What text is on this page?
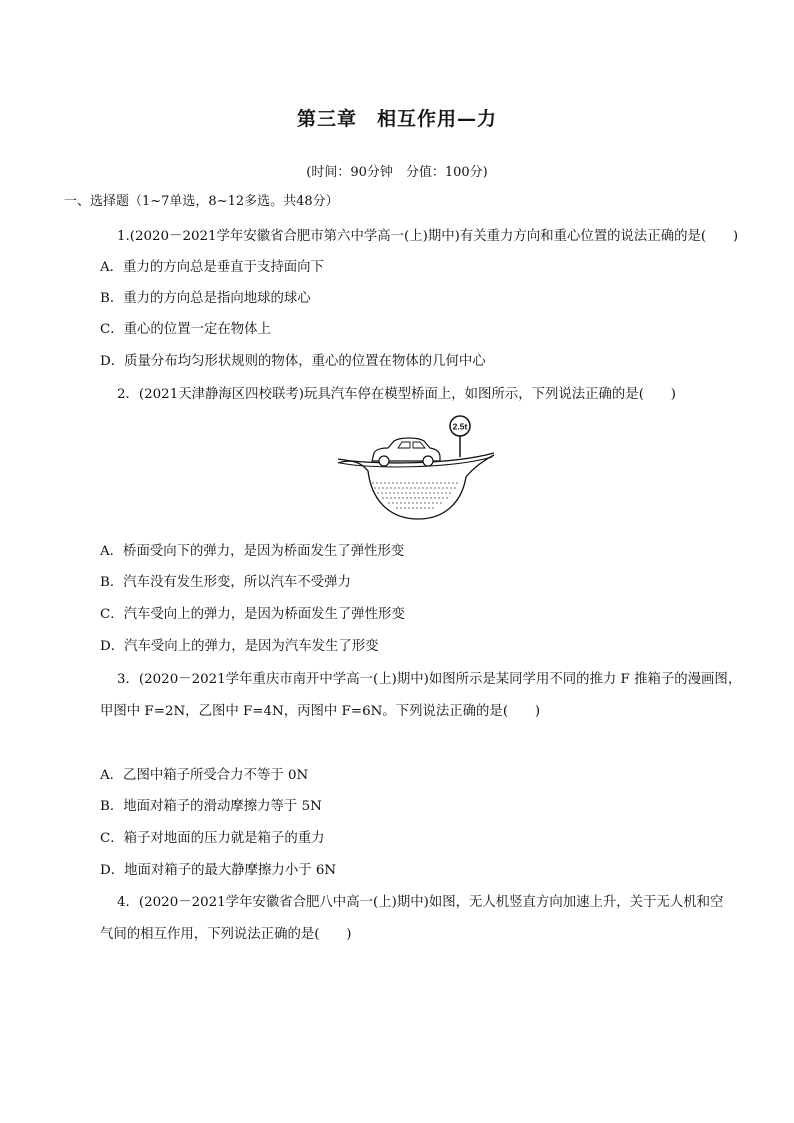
第三章　相互作用—力
(时间：90分钟　分值：100分)
一、选择题（1~7单选，8~12多选。共48分）
1.(2020－2021学年安徽省合肥市第六中学高一(上)期中)有关重力方向和重心位置的说法正确的是(　　)
A．重力的方向总是垂直于支持面向下
B．重力的方向总是指向地球的球心
C．重心的位置一定在物体上
D．质量分布均匀形状规则的物体，重心的位置在物体的几何中心
2．(2021天津静海区四校联考)玩具汽车停在模型桥面上，如图所示，下列说法正确的是(　　)
2.5t
A．桥面受向下的弹力，是因为桥面发生了弹性形变
B．汽车没有发生形变，所以汽车不受弹力
C．汽车受向上的弹力，是因为桥面发生了弹性形变
D．汽车受向上的弹力，是因为汽车发生了形变
3．(2020－2021学年重庆市南开中学高一(上)期中)如图所示是某同学用不同的推力 F 推箱子的漫画图，
甲图中 F=2N，乙图中 F=4N，丙图中 F=6N。下列说法正确的是(　　)
A．乙图中箱子所受合力不等于 0N
B．地面对箱子的滑动摩擦力等于 5N
C．箱子对地面的压力就是箱子的重力
D．地面对箱子的最大静摩擦力小于 6N
4．(2020－2021学年安徽省合肥八中高一(上)期中)如图，无人机竖直方向加速上升，关于无人机和空
气间的相互作用，下列说法正确的是(　　)
